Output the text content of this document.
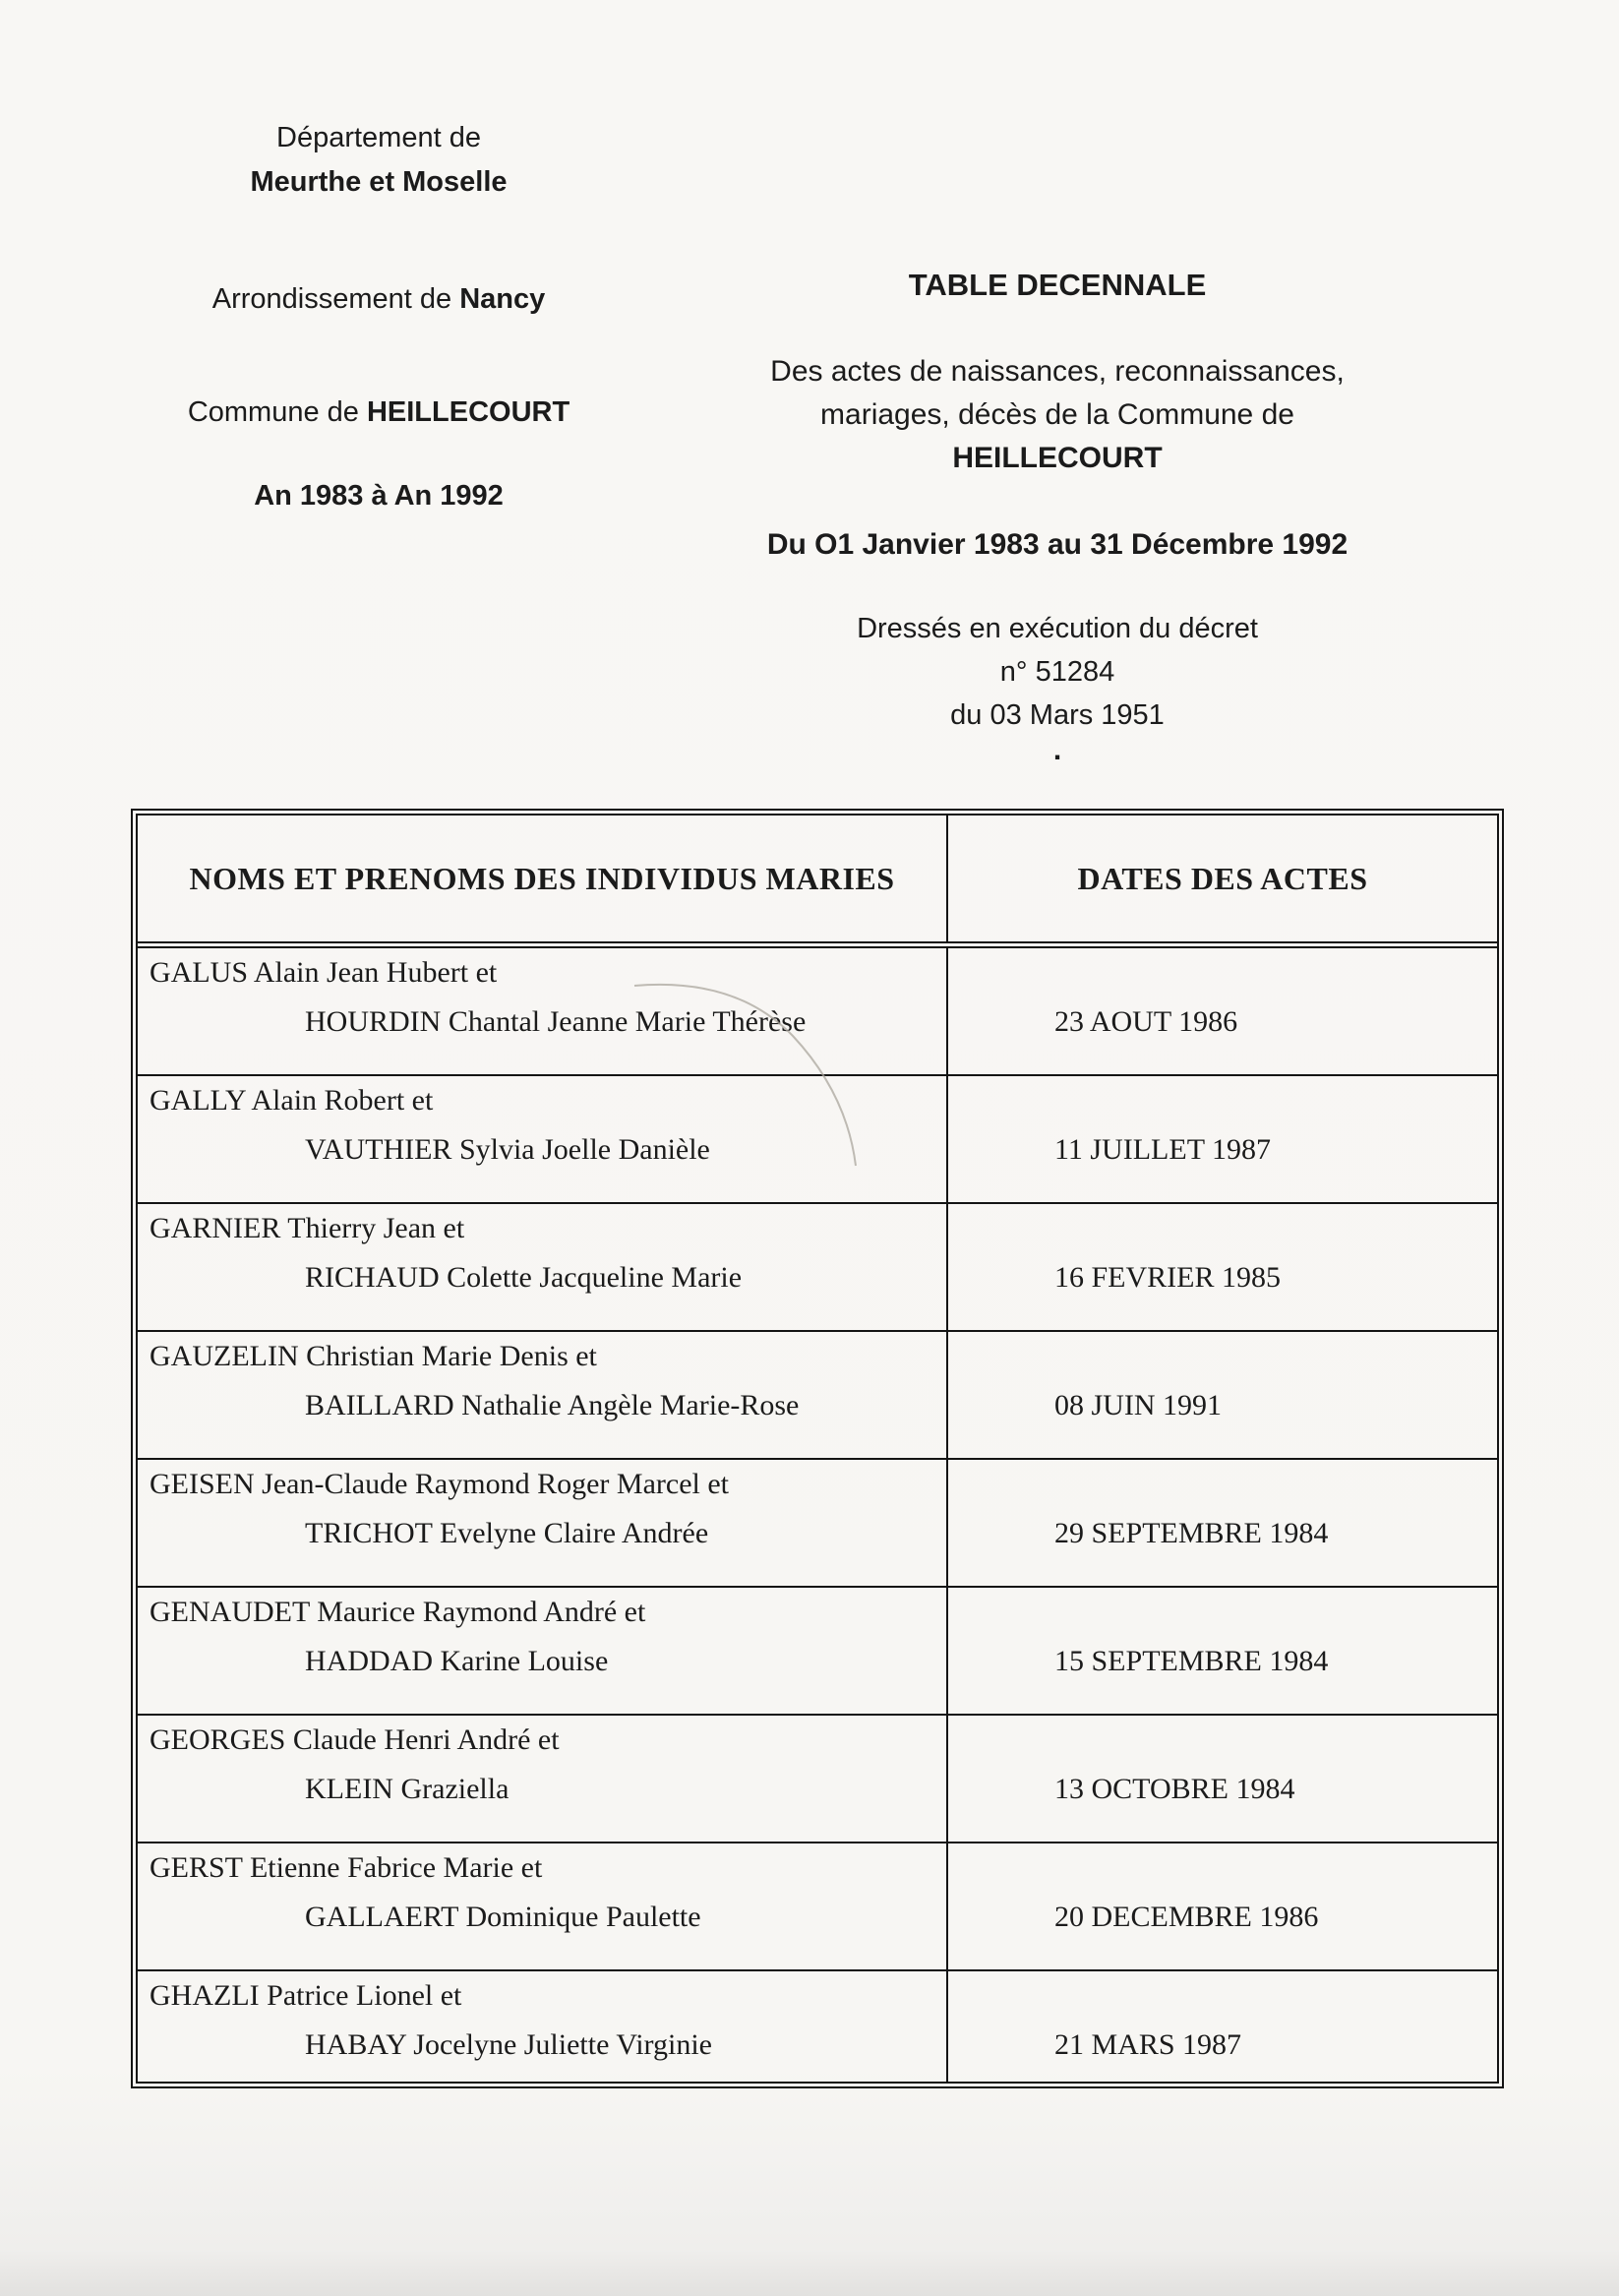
Département de
Meurthe et Moselle
Arrondissement de Nancy
Commune de HEILLECOURT
An 1983 à An 1992
TABLE DECENNALE
Des actes de naissances, reconnaissances,
mariages, décès de la Commune de
HEILLECOURT
Du O1 Janvier 1983 au 31 Décembre 1992
Dressés en exécution du décret
n° 51284
du 03 Mars 1951
.
NOMS ET PRENOMS DES INDIVIDUS MARIES	DATES DES ACTES
GALUS Alain Jean Hubert et
HOURDIN Chantal Jeanne Marie Thérèse	23 AOUT 1986
GALLY Alain Robert et
VAUTHIER Sylvia Joelle Danièle	11 JUILLET 1987
GARNIER Thierry Jean et
RICHAUD Colette Jacqueline Marie	16 FEVRIER 1985
GAUZELIN Christian Marie Denis et
BAILLARD Nathalie Angèle Marie-Rose	08 JUIN 1991
GEISEN Jean-Claude Raymond Roger Marcel et
TRICHOT Evelyne Claire Andrée	29 SEPTEMBRE 1984
GENAUDET Maurice Raymond André et
HADDAD Karine Louise	15 SEPTEMBRE 1984
GEORGES Claude Henri André et
KLEIN Graziella	13 OCTOBRE 1984
GERST Etienne Fabrice Marie et
GALLAERT Dominique Paulette	20 DECEMBRE 1986
GHAZLI Patrice Lionel et
HABAY Jocelyne Juliette Virginie	21 MARS 1987
